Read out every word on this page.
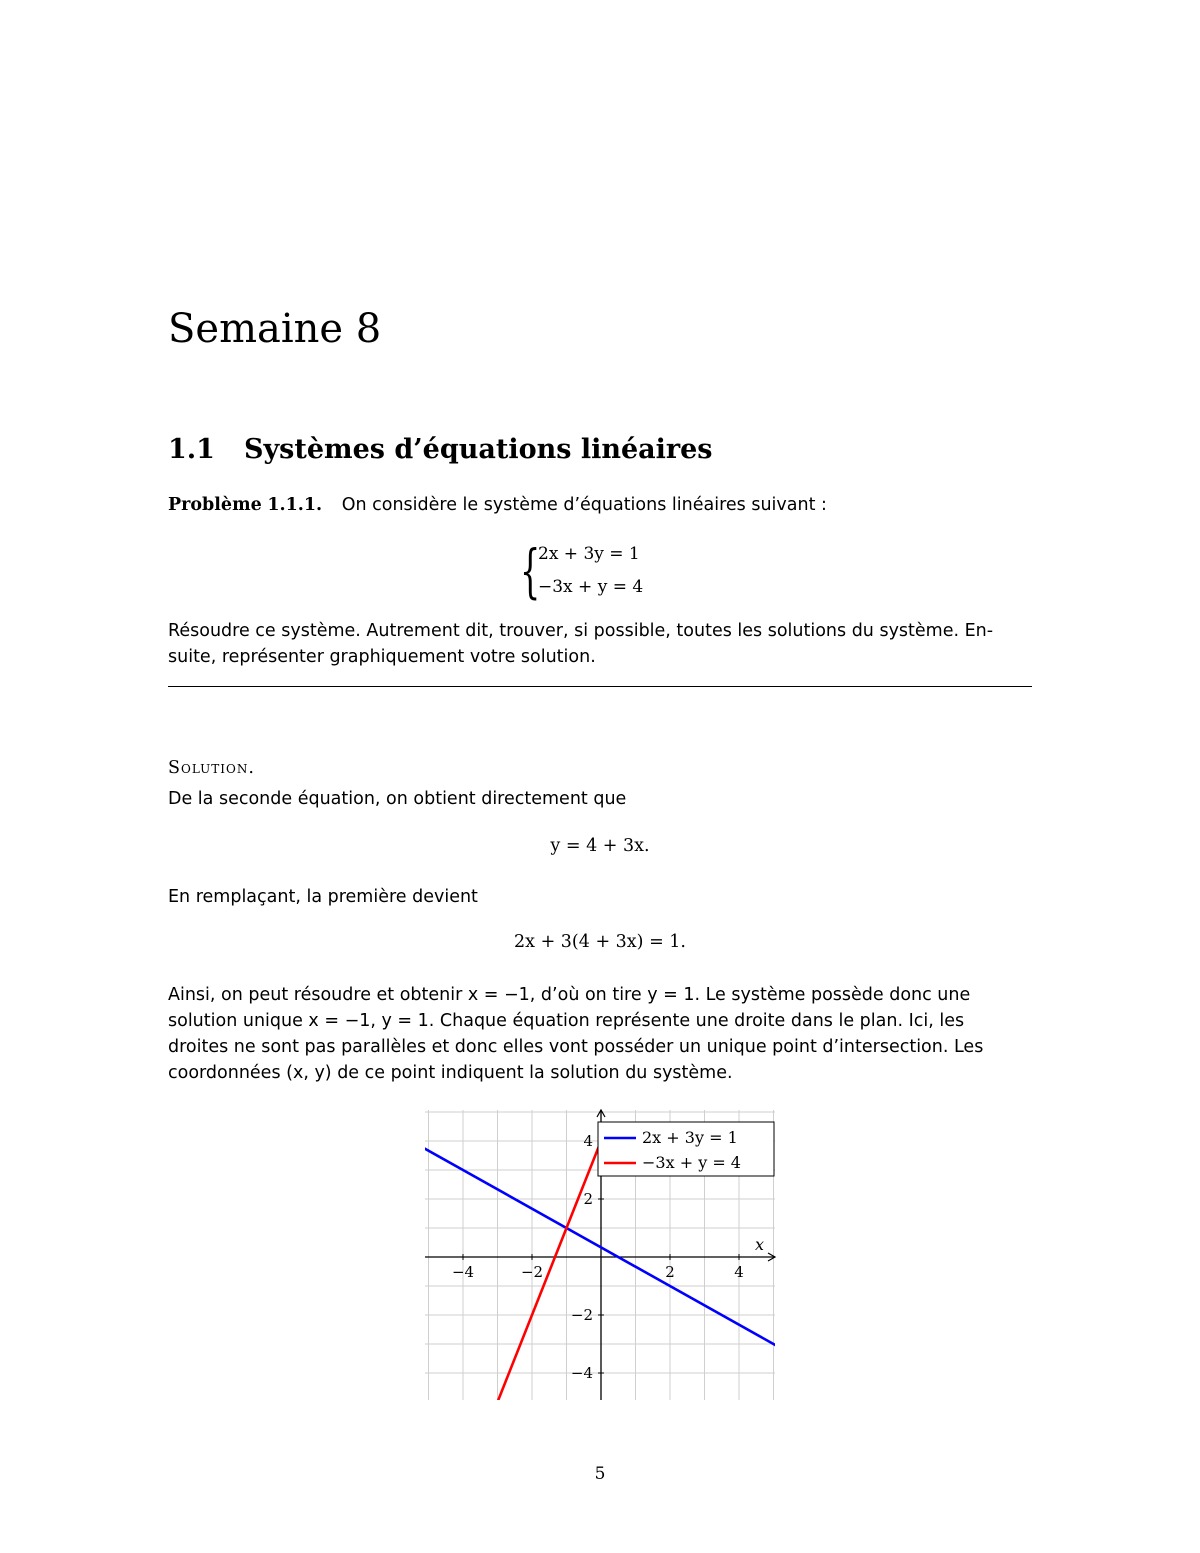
Semaine 8
1.1 Systèmes d’équations linéaires
Problème 1.1.1. On considère le système d’équations linéaires suivant :
{
2x + 3y = 1
−3x + y = 4
Résoudre ce système. Autrement dit, trouver, si possible, toutes les solutions du système. En-
suite, représenter graphiquement votre solution.
Solution.
De la seconde équation, on obtient directement que
y = 4 + 3x.
En remplaçant, la première devient
2x + 3(4 + 3x) = 1.
Ainsi, on peut résoudre et obtenir x = −1, d’où on tire y = 1. Le système possède donc une
solution unique x = −1, y = 1. Chaque équation représente une droite dans le plan. Ici, les
droites ne sont pas parallèles et donc elles vont posséder un unique point d’intersection. Les
coordonnées (x, y) de ce point indiquent la solution du système.
x
−4	−2	2	4
−4
−2
2
4	2x + 3y = 1
−3x + y = 4
5
